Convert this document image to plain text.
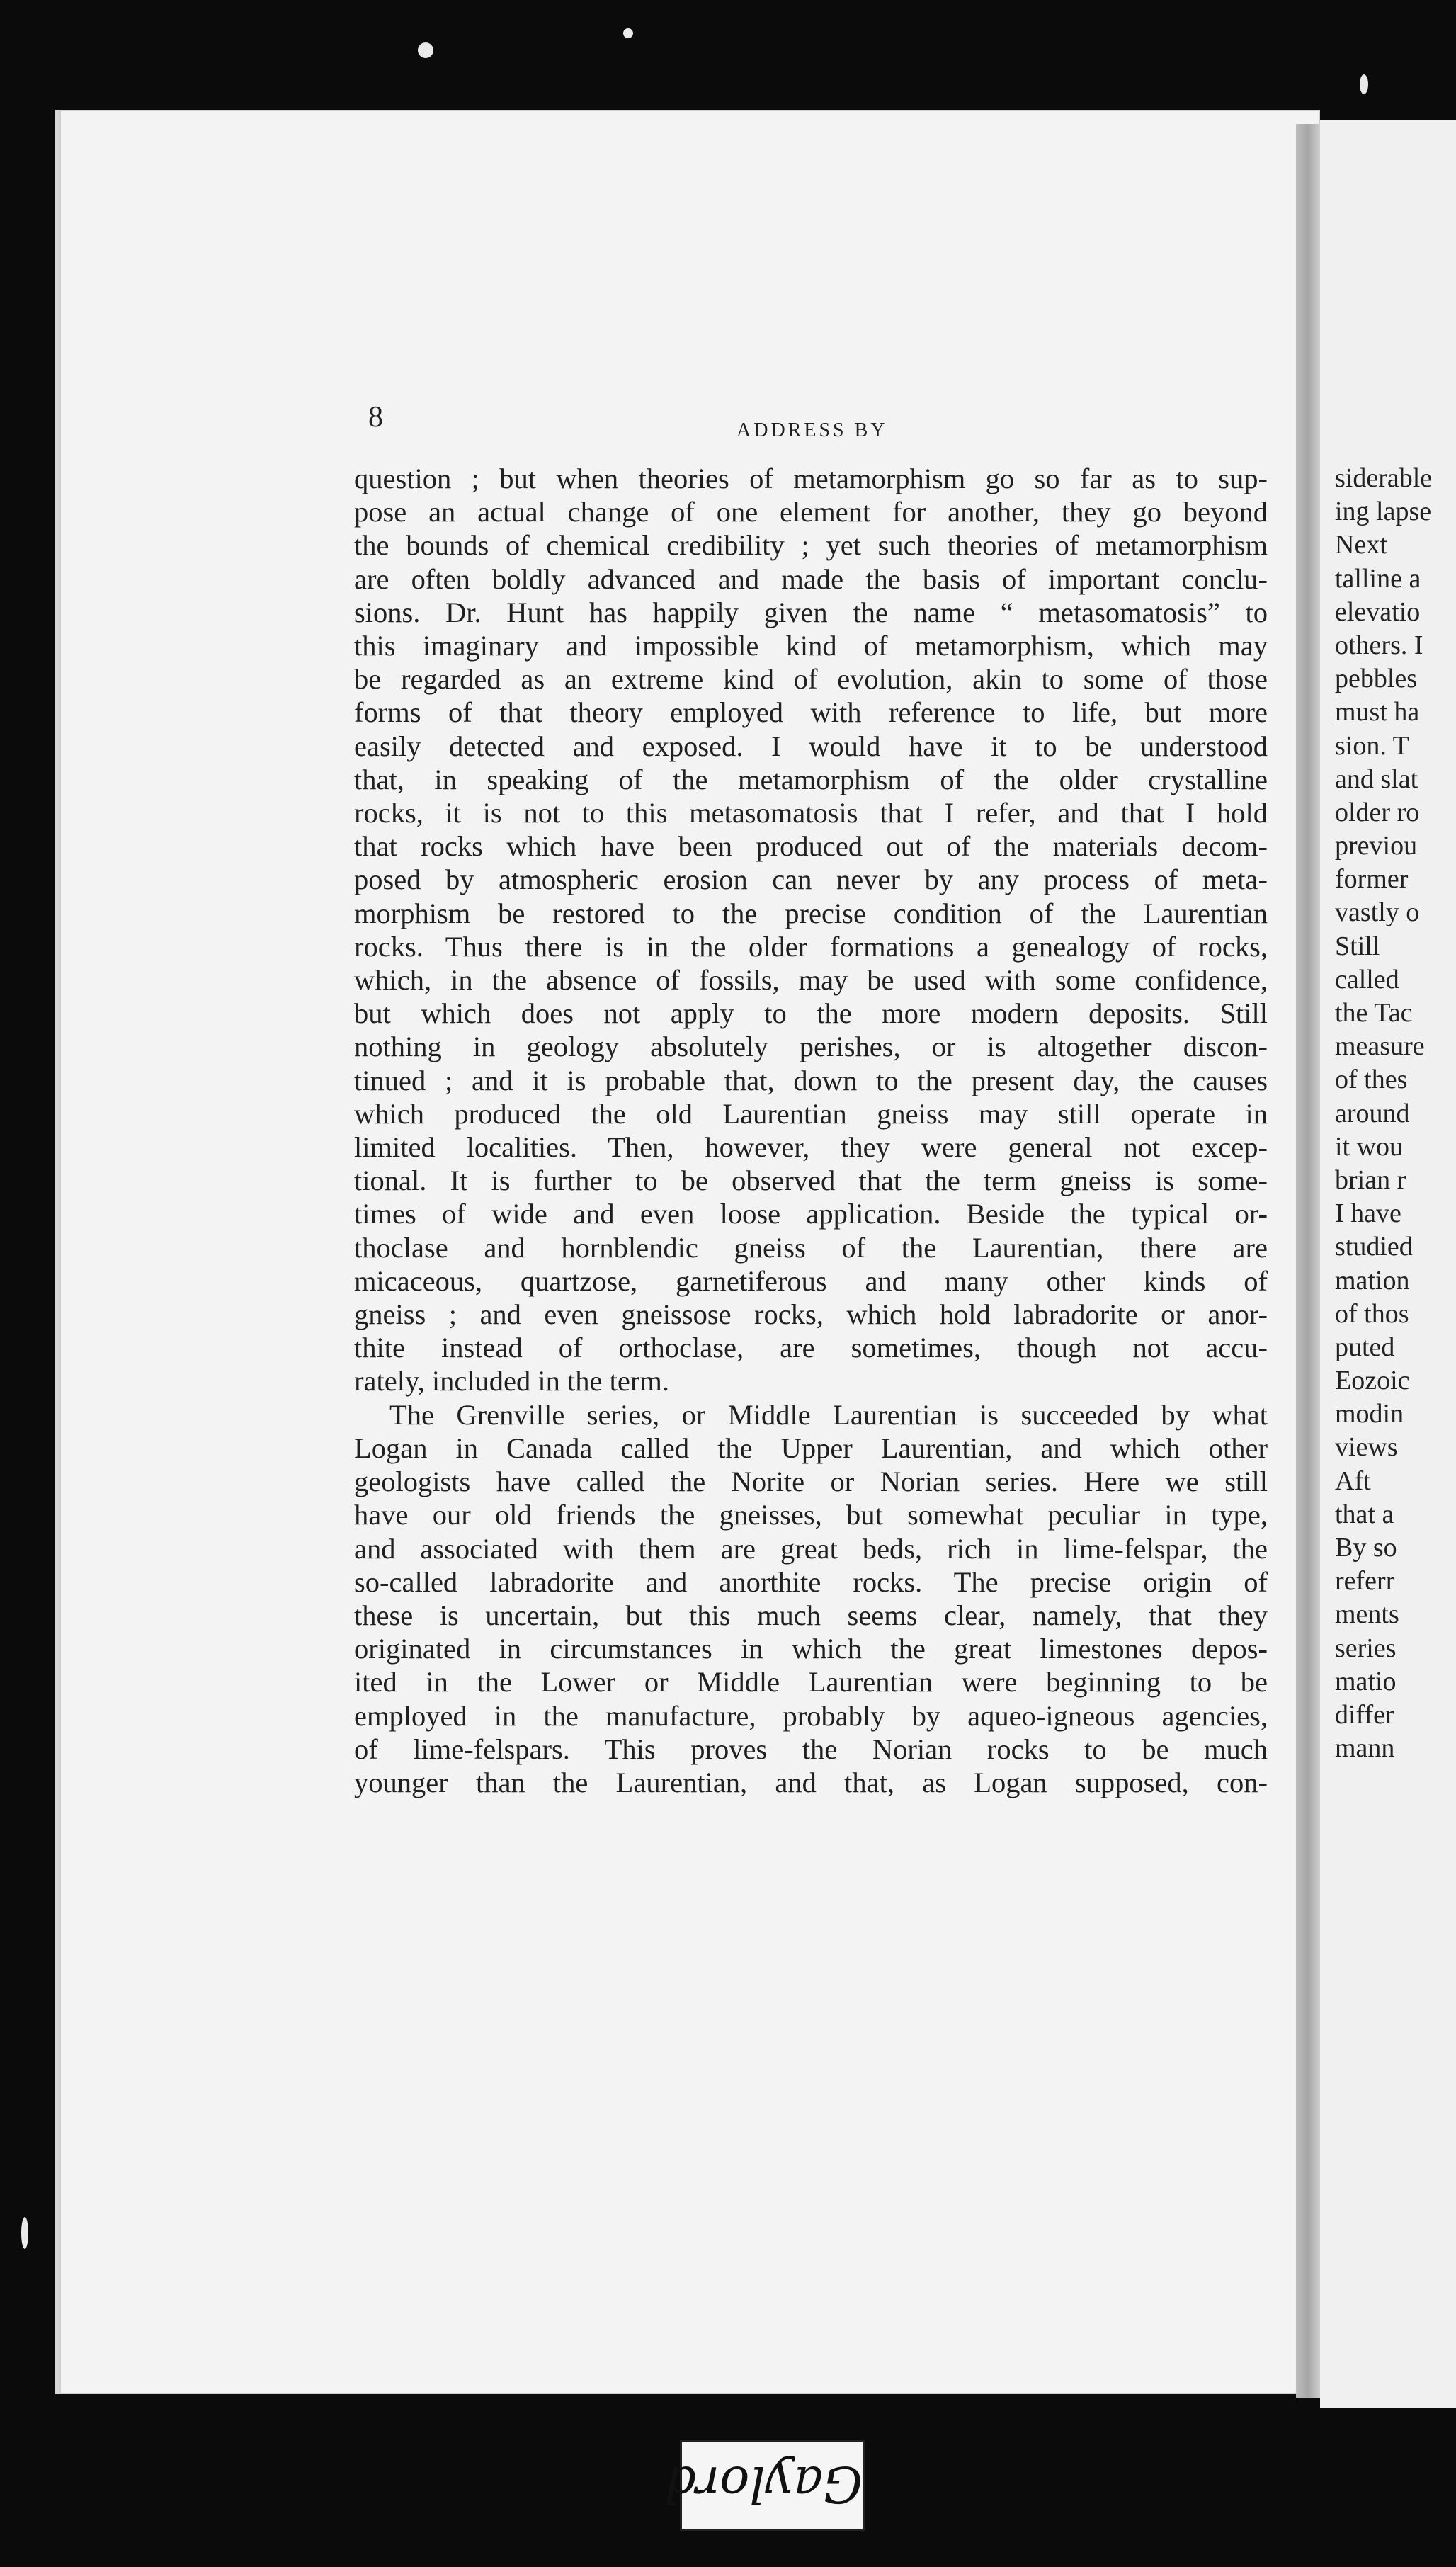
8	ADDRESS BY
question ; but when theories of metamorphism go so far as to sup-
pose an actual change of one element for another, they go beyond
the bounds of chemical credibility ; yet such theories of metamorphism
are often boldly advanced and made the basis of important conclu-
sions. Dr. Hunt has happily given the name “ metasomatosis” to
this imaginary and impossible kind of metamorphism, which may
be regarded as an extreme kind of evolution, akin to some of those
forms of that theory employed with reference to life, but more
easily detected and exposed. I would have it to be understood
that, in speaking of the metamorphism of the older crystalline
rocks, it is not to this metasomatosis that I refer, and that I hold
that rocks which have been produced out of the materials decom-
posed by atmospheric erosion can never by any process of meta-
morphism be restored to the precise condition of the Laurentian
rocks. Thus there is in the older formations a genealogy of rocks,
which, in the absence of fossils, may be used with some confidence,
but which does not apply to the more modern deposits. Still
nothing in geology absolutely perishes, or is altogether discon-
tinued ; and it is probable that, down to the present day, the causes
which produced the old Laurentian gneiss may still operate in
limited localities. Then, however, they were general not excep-
tional. It is further to be observed that the term gneiss is some-
times of wide and even loose application. Beside the typical or-
thoclase and hornblendic gneiss of the Laurentian, there are
micaceous, quartzose, garnetiferous and many other kinds of
gneiss ; and even gneissose rocks, which hold labradorite or anor-
thite instead of orthoclase, are sometimes, though not accu-
rately, included in the term.
The Grenville series, or Middle Laurentian is succeeded by what
Logan in Canada called the Upper Laurentian, and which other
geologists have called the Norite or Norian series. Here we still
have our old friends the gneisses, but somewhat peculiar in type,
and associated with them are great beds, rich in lime-felspar, the
so-called labradorite and anorthite rocks. The precise origin of
these is uncertain, but this much seems clear, namely, that they
originated in circumstances in which the great limestones depos-
ited in the Lower or Middle Laurentian were beginning to be
employed in the manufacture, probably by aqueo-igneous agencies,
of lime-felspars. This proves the Norian rocks to be much
younger than the Laurentian, and that, as Logan supposed, con-
siderable
ing lapse
Next
talline a
elevatio
others. I
pebbles
must ha
sion. T
and slat
older ro
previou
former
vastly o
Still
called
the Tac
measure
of thes
around
it wou
brian r
I have
studied
mation
of thos
puted
Eozoic
modin
views
Aft
that a
By so
referr
ments
series
matio
differ
mann
Gaylord
